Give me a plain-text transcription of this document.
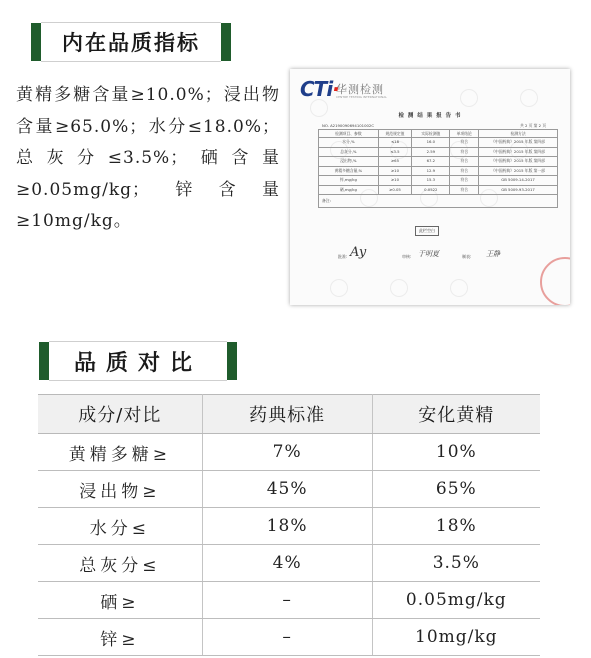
内在品质指标
黄精多糖含量≥10.0%；浸出物含量≥65.0%；水分≤18.0%；总灰分≤3.5%；硒含量≥0.05mg/kg；锌含量≥10mg/kg。
CTi·
华测检测
CENTRE TESTING INTERNATIONAL
检 测 结 果 报 告 书
NO. A2190090694101002C	共 2 页 第 2 页
检测项目、参数	规范规定值	实际检测值	单项结论	检测方法
水分,%	≤18	16.0	符合	《中国药典》2015 年版 第四部
总灰分,%	≤3.5	2.59	符合	《中国药典》2015 年版 第四部
浸出物,%	≥65	67.2	符合	《中国药典》2015 年版 第四部
黄精多糖含量,%	≥10	12.9	符合	《中国药典》2015 年版 第一部
锌,mg/kg	≥10	15.3	符合	GB 5009.14-2017
硒,mg/kg	≥0.05	0.0522	符合	GB 5009.93-2017
备注:				
此栏空白
批准: Ay	审核: 于明夏	制表: 王静
品质对比
成分/对比	药典标准	安化黄精
黄精多糖≥	7%	10%
浸出物≥	45%	65%
水分≤	18%	18%
总灰分≤	4%	3.5%
硒≥	–	0.05mg/kg
锌≥	–	10mg/kg
